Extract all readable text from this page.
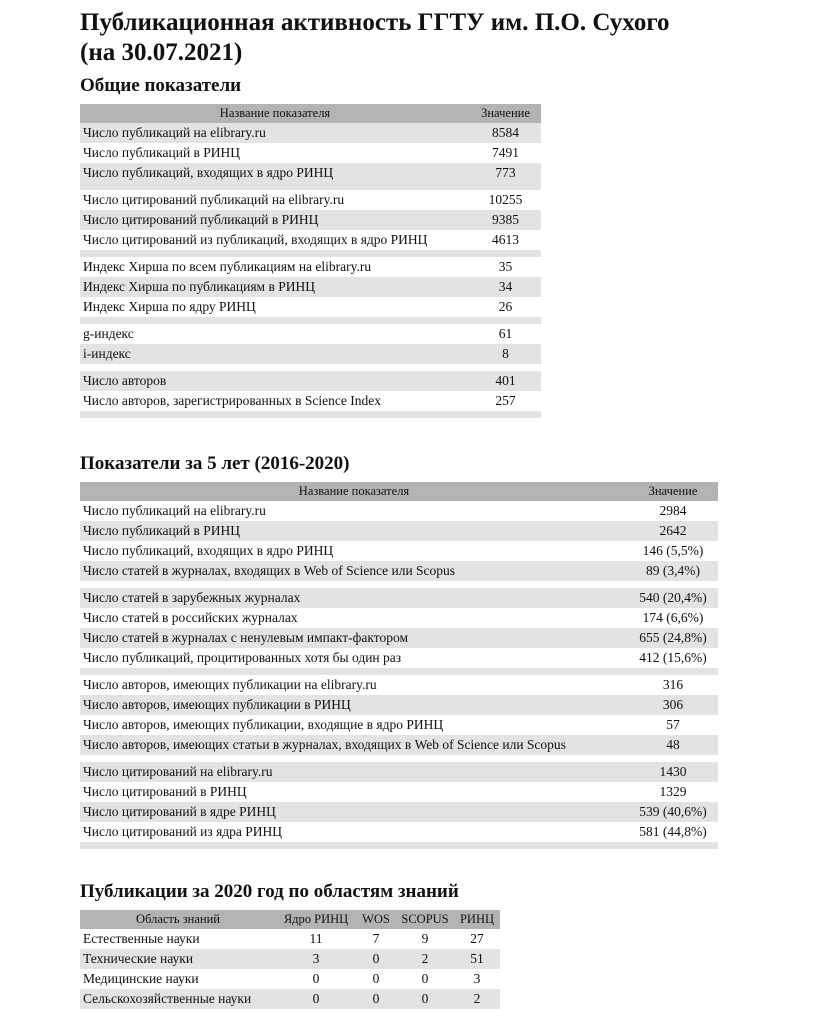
Публикационная активность ГГТУ им. П.О. Сухого
(на 30.07.2021)
Общие показатели
Название показателя	Значение
Число публикаций на elibrary.ru	8584
Число публикаций в РИНЦ	7491
Число публикаций, входящих в ядро РИНЦ	773

Число цитирований публикаций на elibrary.ru	10255
Число цитирований публикаций в РИНЦ	9385
Число цитирований из публикаций, входящих в ядро РИНЦ	4613

Индекс Хирша по всем публикациям на elibrary.ru	35
Индекс Хирша по публикациям в РИНЦ	34
Индекс Хирша по ядру РИНЦ	26

g-индекс	61
i-индекс	8

Число авторов	401
Число авторов, зарегистрированных в Science Index	257

Показатели за 5 лет (2016-2020)
Название показателя	Значение
Число публикаций на elibrary.ru	2984
Число публикаций в РИНЦ	2642
Число публикаций, входящих в ядро РИНЦ	146 (5,5%)
Число статей в журналах, входящих в Web of Science или Scopus	89 (3,4%)

Число статей в зарубежных журналах	540 (20,4%)
Число статей в российских журналах	174 (6,6%)
Число статей в журналах с ненулевым импакт-фактором	655 (24,8%)
Число публикаций, процитированных хотя бы один раз	412 (15,6%)

Число авторов, имеющих публикации на elibrary.ru	316
Число авторов, имеющих публикации в РИНЦ	306
Число авторов, имеющих публикации, входящие в ядро РИНЦ	57
Число авторов, имеющих статьи в журналах, входящих в Web of Science или Scopus	48

Число цитирований на elibrary.ru	1430
Число цитирований в РИНЦ	1329
Число цитирований в ядре РИНЦ	539 (40,6%)
Число цитирований из ядра РИНЦ	581 (44,8%)

Публикации за 2020 год по областям знаний
Область знаний	Ядро РИНЦ	WOS	SCOPUS	РИНЦ
Естественные науки	11	7	9	27
Технические науки	3	0	2	51
Медицинские науки	0	0	0	3
Сельскохозяйственные науки	0	0	0	2
